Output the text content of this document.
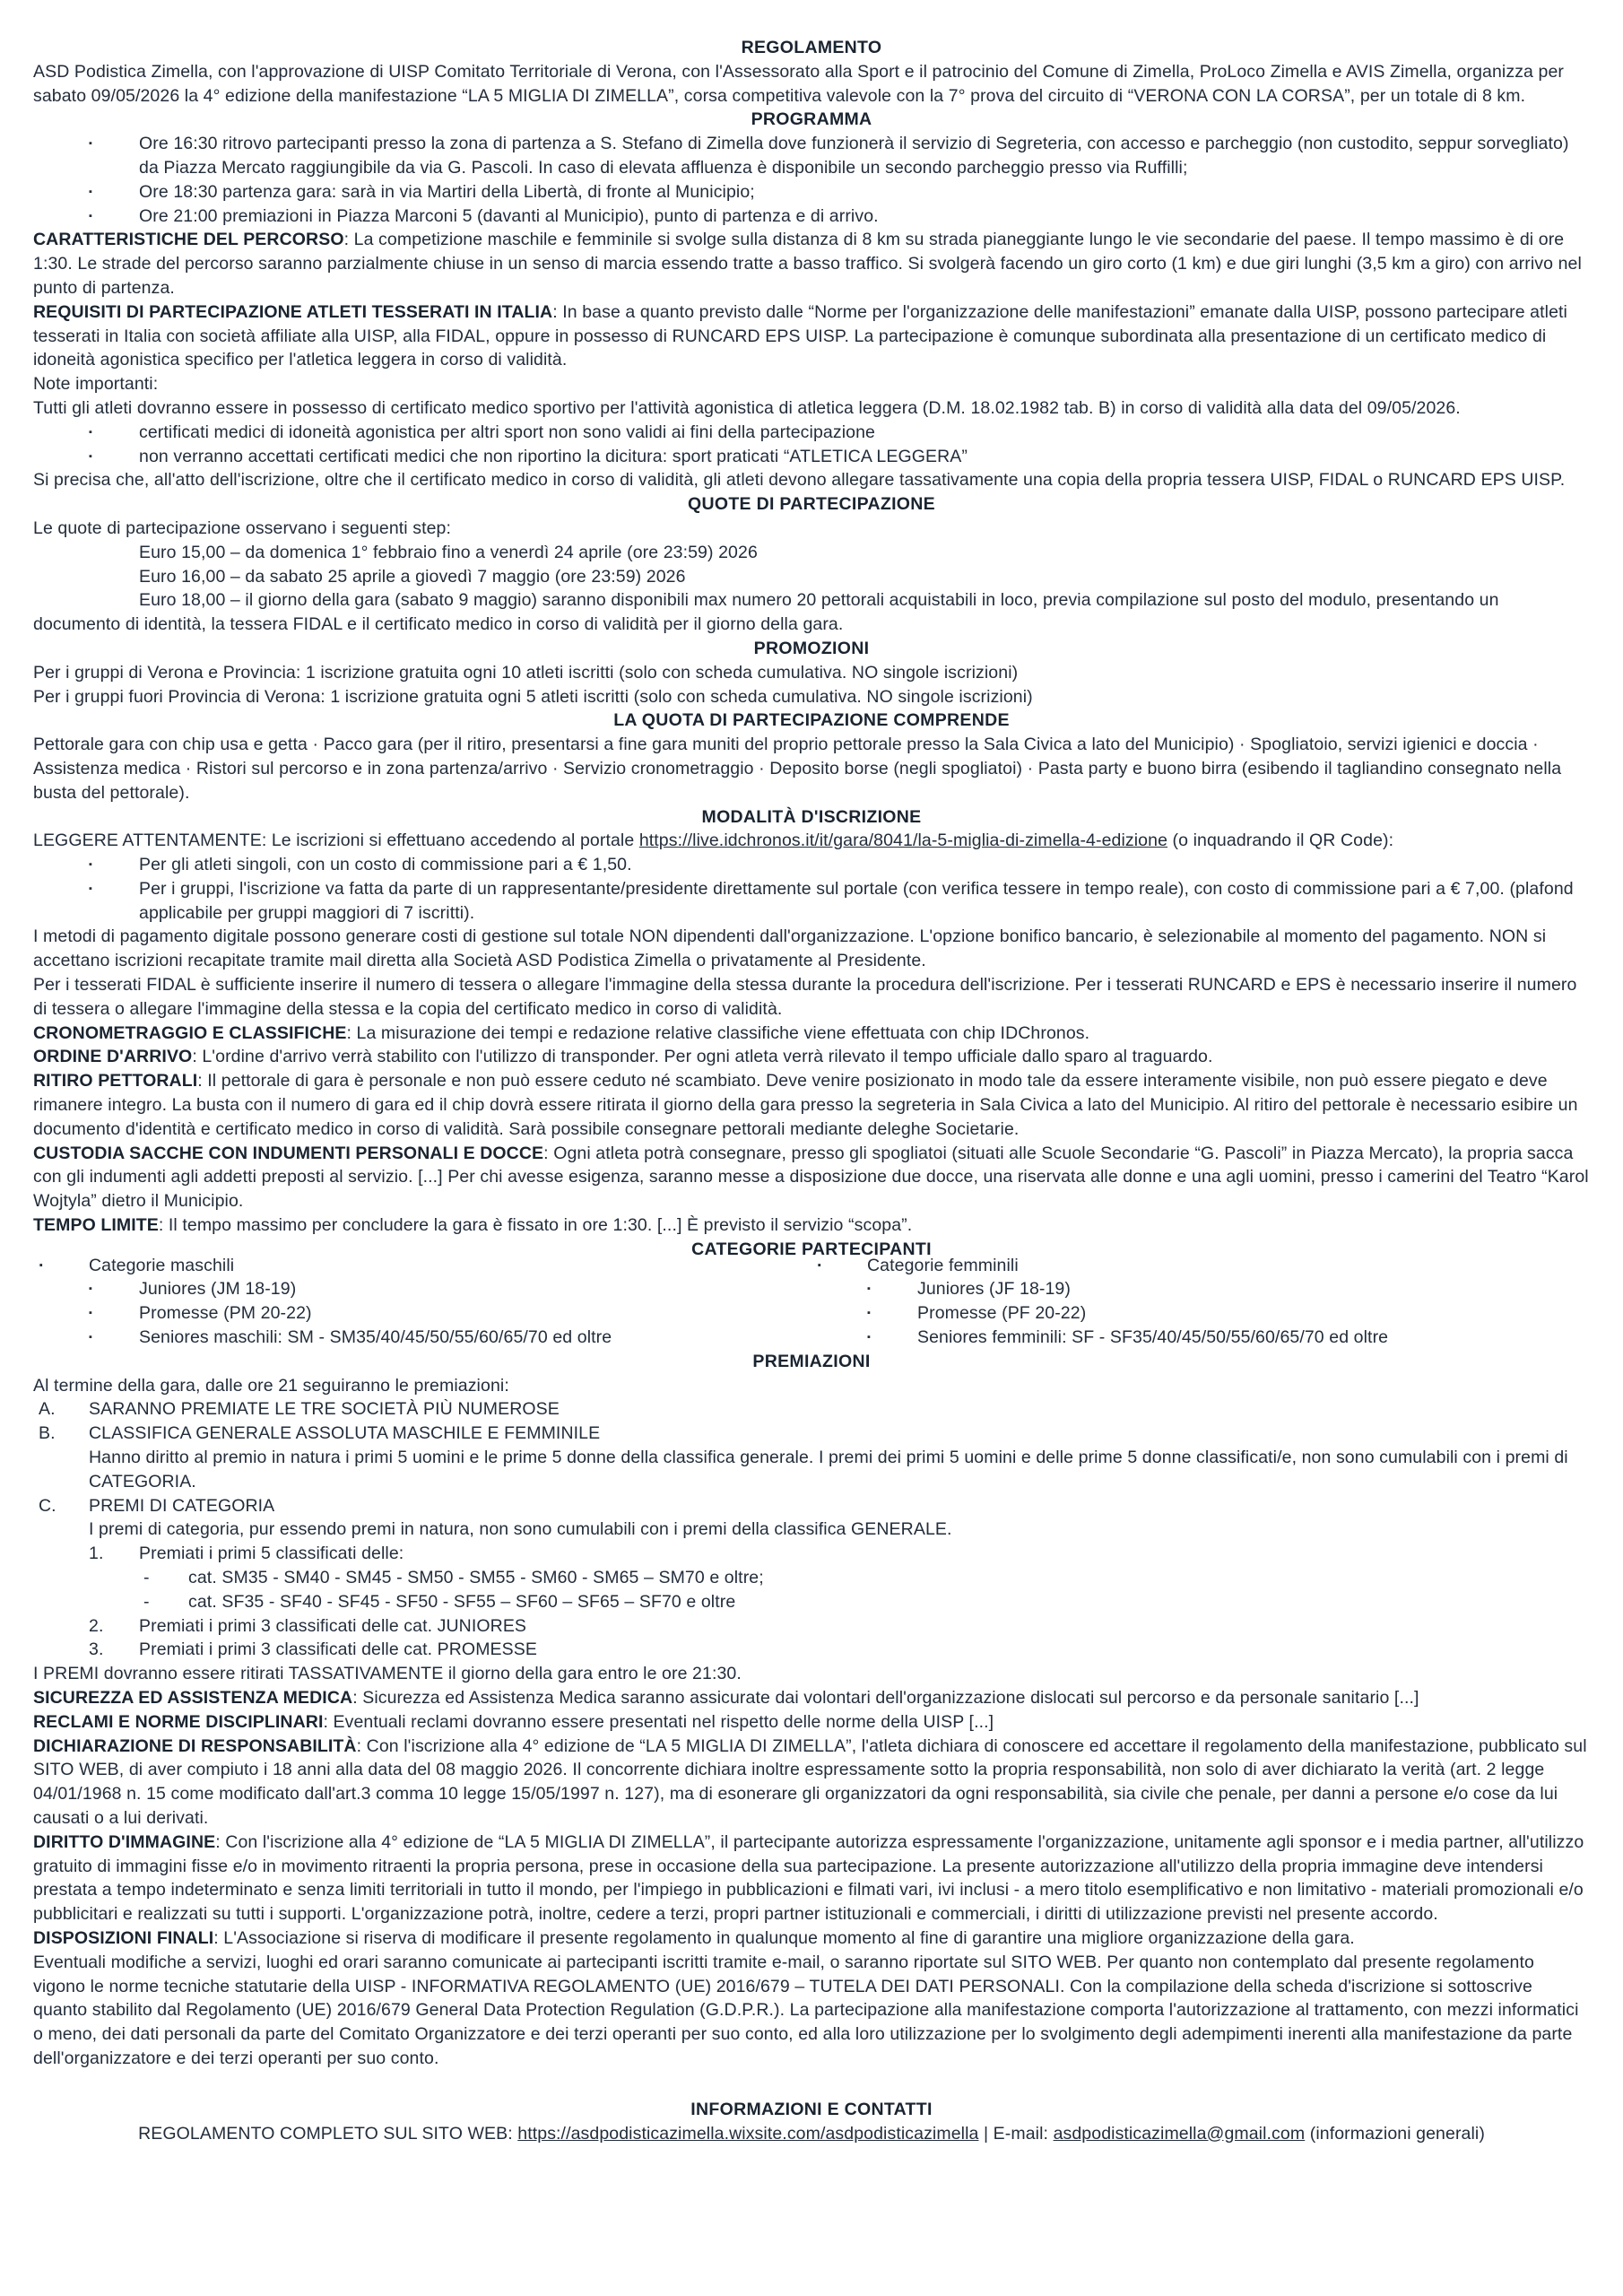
REGOLAMENTO
ASD Podistica Zimella, con l'approvazione di UISP Comitato Territoriale di Verona, con l'Assessorato alla Sport e il patrocinio del Comune di Zimella, ProLoco Zimella e AVIS Zimella, organizza per sabato 09/05/2026 la 4° edizione della manifestazione “LA 5 MIGLIA DI ZIMELLA”, corsa competitiva valevole con la 7° prova del circuito di “VERONA CON LA CORSA”, per un totale di 8 km.
PROGRAMMA
▪	Ore 16:30 ritrovo partecipanti presso la zona di partenza a S. Stefano di Zimella dove funzionerà il servizio di Segreteria, con accesso e parcheggio (non custodito, seppur sorvegliato) da Piazza Mercato raggiungibile da via G. Pascoli. In caso di elevata affluenza è disponibile un secondo parcheggio presso via Ruffilli;
▪	Ore 18:30 partenza gara: sarà in via Martiri della Libertà, di fronte al Municipio;
▪	Ore 21:00 premiazioni in Piazza Marconi 5 (davanti al Municipio), punto di partenza e di arrivo.
CARATTERISTICHE DEL PERCORSO: La competizione maschile e femminile si svolge sulla distanza di 8 km su strada pianeggiante lungo le vie secondarie del paese. Il tempo massimo è di ore 1:30. Le strade del percorso saranno parzialmente chiuse in un senso di marcia essendo tratte a basso traffico. Si svolgerà facendo un giro corto (1 km) e due giri lunghi (3,5 km a giro) con arrivo nel punto di partenza.
REQUISITI DI PARTECIPAZIONE ATLETI TESSERATI IN ITALIA: In base a quanto previsto dalle “Norme per l'organizzazione delle manifestazioni” emanate dalla UISP, possono partecipare atleti tesserati in Italia con società affiliate alla UISP, alla FIDAL, oppure in possesso di RUNCARD EPS UISP. La partecipazione è comunque subordinata alla presentazione di un certificato medico di idoneità agonistica specifico per l'atletica leggera in corso di validità.
Note importanti:
Tutti gli atleti dovranno essere in possesso di certificato medico sportivo per l'attività agonistica di atletica leggera (D.M. 18.02.1982 tab. B) in corso di validità alla data del 09/05/2026.
▪	certificati medici di idoneità agonistica per altri sport non sono validi ai fini della partecipazione
▪	non verranno accettati certificati medici che non riportino la dicitura: sport praticati “ATLETICA LEGGERA”
Si precisa che, all'atto dell'iscrizione, oltre che il certificato medico in corso di validità, gli atleti devono allegare tassativamente una copia della propria tessera UISP, FIDAL o RUNCARD EPS UISP.
QUOTE DI PARTECIPAZIONE
Le quote di partecipazione osservano i seguenti step:
Euro 15,00 – da domenica 1° febbraio fino a venerdì 24 aprile (ore 23:59) 2026
Euro 16,00 – da sabato 25 aprile a giovedì 7 maggio (ore 23:59) 2026
Euro 18,00 – il giorno della gara (sabato 9 maggio) saranno disponibili max numero 20 pettorali acquistabili in loco, previa compilazione sul posto del modulo, presentando un documento di identità, la tessera FIDAL e il certificato medico in corso di validità per il giorno della gara.
PROMOZIONI
Per i gruppi di Verona e Provincia: 1 iscrizione gratuita ogni 10 atleti iscritti (solo con scheda cumulativa. NO singole iscrizioni)
Per i gruppi fuori Provincia di Verona: 1 iscrizione gratuita ogni 5 atleti iscritti (solo con scheda cumulativa. NO singole iscrizioni)
LA QUOTA DI PARTECIPAZIONE COMPRENDE
Pettorale gara con chip usa e getta · Pacco gara (per il ritiro, presentarsi a fine gara muniti del proprio pettorale presso la Sala Civica a lato del Municipio) · Spogliatoio, servizi igienici e doccia · Assistenza medica · Ristori sul percorso e in zona partenza/arrivo · Servizio cronometraggio · Deposito borse (negli spogliatoi) · Pasta party e buono birra (esibendo il tagliandino consegnato nella busta del pettorale).
MODALITÀ D'ISCRIZIONE
LEGGERE ATTENTAMENTE: Le iscrizioni si effettuano accedendo al portale https://live.idchronos.it/it/gara/8041/la-5-miglia-di-zimella-4-edizione (o inquadrando il QR Code):
▪	Per gli atleti singoli, con un costo di commissione pari a € 1,50.
▪	Per i gruppi, l'iscrizione va fatta da parte di un rappresentante/presidente direttamente sul portale (con verifica tessere in tempo reale), con costo di commissione pari a € 7,00. (plafond applicabile per gruppi maggiori di 7 iscritti).
I metodi di pagamento digitale possono generare costi di gestione sul totale NON dipendenti dall'organizzazione. L'opzione bonifico bancario, è selezionabile al momento del pagamento. NON si accettano iscrizioni recapitate tramite mail diretta alla Società ASD Podistica Zimella o privatamente al Presidente.
Per i tesserati FIDAL è sufficiente inserire il numero di tessera o allegare l'immagine della stessa durante la procedura dell'iscrizione. Per i tesserati RUNCARD e EPS è necessario inserire il numero di tessera o allegare l'immagine della stessa e la copia del certificato medico in corso di validità.
CRONOMETRAGGIO E CLASSIFICHE: La misurazione dei tempi e redazione relative classifiche viene effettuata con chip IDChronos.
ORDINE D'ARRIVO: L'ordine d'arrivo verrà stabilito con l'utilizzo di transponder. Per ogni atleta verrà rilevato il tempo ufficiale dallo sparo al traguardo.
RITIRO PETTORALI: Il pettorale di gara è personale e non può essere ceduto né scambiato. Deve venire posizionato in modo tale da essere interamente visibile, non può essere piegato e deve rimanere integro. La busta con il numero di gara ed il chip dovrà essere ritirata il giorno della gara presso la segreteria in Sala Civica a lato del Municipio. Al ritiro del pettorale è necessario esibire un documento d'identità e certificato medico in corso di validità. Sarà possibile consegnare pettorali mediante deleghe Societarie.
CUSTODIA SACCHE CON INDUMENTI PERSONALI E DOCCE: Ogni atleta potrà consegnare, presso gli spogliatoi (situati alle Scuole Secondarie “G. Pascoli” in Piazza Mercato), la propria sacca con gli indumenti agli addetti preposti al servizio. [...] Per chi avesse esigenza, saranno messe a disposizione due docce, una riservata alle donne e una agli uomini, presso i camerini del Teatro “Karol Wojtyla” dietro il Municipio.
TEMPO LIMITE: Il tempo massimo per concludere la gara è fissato in ore 1:30. [...] È previsto il servizio “scopa”.
CATEGORIE PARTECIPANTI
·	Categorie maschili	·	Categorie femminili
▪	Juniores (JM 18-19)	▪	Juniores (JF 18-19)
▪	Promesse (PM 20-22)	▪	Promesse (PF 20-22)
▪	Seniores maschili: SM - SM35/40/45/50/55/60/65/70 ed oltre	▪	Seniores femminili: SF - SF35/40/45/50/55/60/65/70 ed oltre
PREMIAZIONI
Al termine della gara, dalle ore 21 seguiranno le premiazioni:
A. SARANNO PREMIATE LE TRE SOCIETÀ PIÙ NUMEROSE
B. CLASSIFICA GENERALE ASSOLUTA MASCHILE E FEMMINILE
Hanno diritto al premio in natura i primi 5 uomini e le prime 5 donne della classifica generale. I premi dei primi 5 uomini e delle prime 5 donne classificati/e, non sono cumulabili con i premi di CATEGORIA.
C. PREMI DI CATEGORIA
I premi di categoria, pur essendo premi in natura, non sono cumulabili con i premi della classifica GENERALE.
1. Premiati i primi 5 classificati delle:
- cat. SM35 - SM40 - SM45 - SM50 - SM55 - SM60 - SM65 – SM70 e oltre;
- cat. SF35 - SF40 - SF45 - SF50 - SF55 – SF60 – SF65 – SF70 e oltre
2. Premiati i primi 3 classificati delle cat. JUNIORES
3. Premiati i primi 3 classificati delle cat. PROMESSE
I PREMI dovranno essere ritirati TASSATIVAMENTE il giorno della gara entro le ore 21:30.
SICUREZZA ED ASSISTENZA MEDICA: Sicurezza ed Assistenza Medica saranno assicurate dai volontari dell'organizzazione dislocati sul percorso e da personale sanitario [...]
RECLAMI E NORME DISCIPLINARI: Eventuali reclami dovranno essere presentati nel rispetto delle norme della UISP [...]
DICHIARAZIONE DI RESPONSABILITÀ: Con l'iscrizione alla 4° edizione de “LA 5 MIGLIA DI ZIMELLA”, l'atleta dichiara di conoscere ed accettare il regolamento della manifestazione, pubblicato sul SITO WEB, di aver compiuto i 18 anni alla data del 08 maggio 2026. Il concorrente dichiara inoltre espressamente sotto la propria responsabilità, non solo di aver dichiarato la verità (art. 2 legge 04/01/1968 n. 15 come modificato dall'art.3 comma 10 legge 15/05/1997 n. 127), ma di esonerare gli organizzatori da ogni responsabilità, sia civile che penale, per danni a persone e/o cose da lui causati o a lui derivati.
DIRITTO D'IMMAGINE: Con l'iscrizione alla 4° edizione de “LA 5 MIGLIA DI ZIMELLA”, il partecipante autorizza espressamente l'organizzazione, unitamente agli sponsor e i media partner, all'utilizzo gratuito di immagini fisse e/o in movimento ritraenti la propria persona, prese in occasione della sua partecipazione. La presente autorizzazione all'utilizzo della propria immagine deve intendersi prestata a tempo indeterminato e senza limiti territoriali in tutto il mondo, per l'impiego in pubblicazioni e filmati vari, ivi inclusi - a mero titolo esemplificativo e non limitativo - materiali promozionali e/o pubblicitari e realizzati su tutti i supporti. L'organizzazione potrà, inoltre, cedere a terzi, propri partner istituzionali e commerciali, i diritti di utilizzazione previsti nel presente accordo.
DISPOSIZIONI FINALI: L'Associazione si riserva di modificare il presente regolamento in qualunque momento al fine di garantire una migliore organizzazione della gara.
Eventuali modifiche a servizi, luoghi ed orari saranno comunicate ai partecipanti iscritti tramite e-mail, o saranno riportate sul SITO WEB. Per quanto non contemplato dal presente regolamento vigono le norme tecniche statutarie della UISP - INFORMATIVA REGOLAMENTO (UE) 2016/679 – TUTELA DEI DATI PERSONALI. Con la compilazione della scheda d'iscrizione si sottoscrive quanto stabilito dal Regolamento (UE) 2016/679 General Data Protection Regulation (G.D.P.R.). La partecipazione alla manifestazione comporta l'autorizzazione al trattamento, con mezzi informatici o meno, dei dati personali da parte del Comitato Organizzatore e dei terzi operanti per suo conto, ed alla loro utilizzazione per lo svolgimento degli adempimenti inerenti alla manifestazione da parte dell'organizzatore e dei terzi operanti per suo conto.
INFORMAZIONI E CONTATTI
REGOLAMENTO COMPLETO SUL SITO WEB: https://asdpodisticazimella.wixsite.com/asdpodisticazimella | E-mail: asdpodisticazimella@gmail.com (informazioni generali)
